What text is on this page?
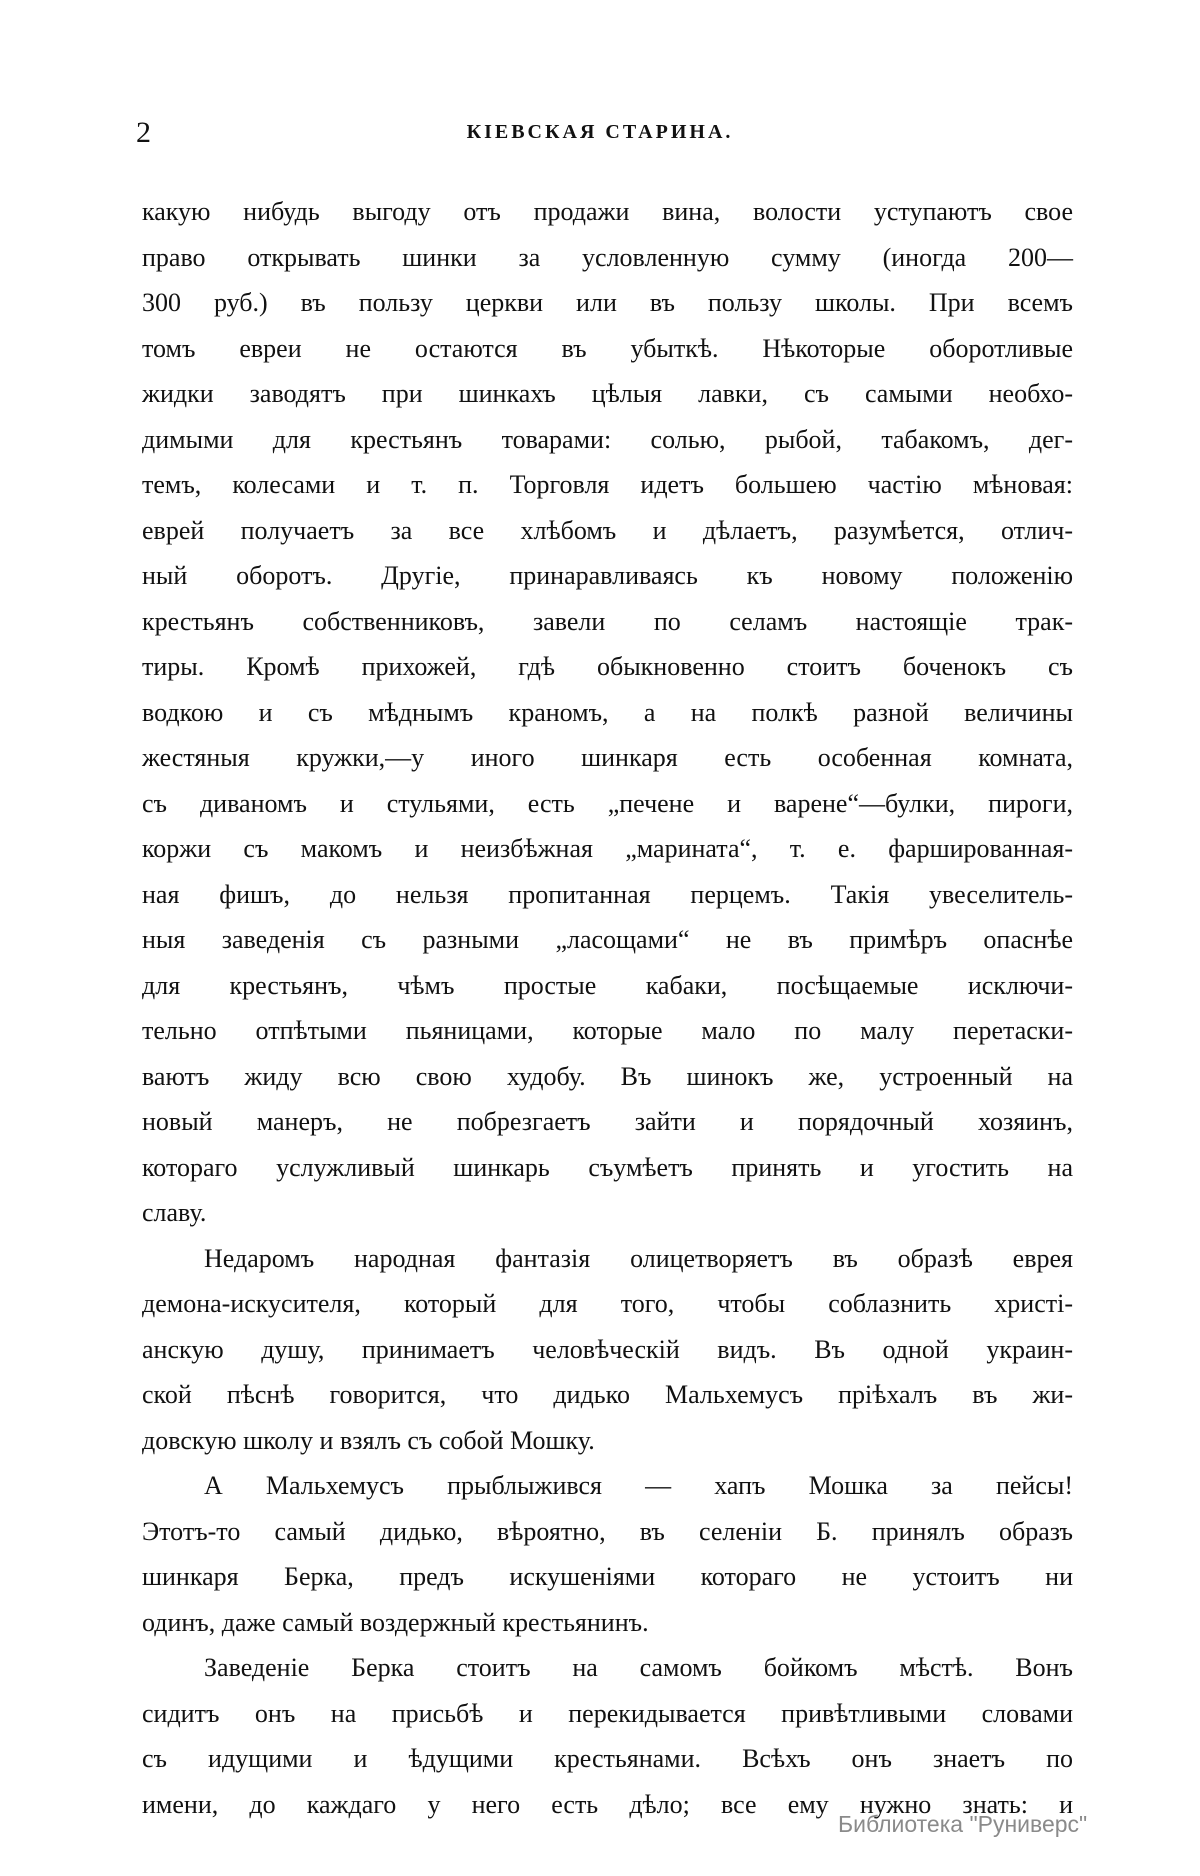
2	КІЕВСКАЯ СТАРИНА.
какую нибудь выгоду отъ продажи вина, волости уступаютъ свое
право открывать шинки за условленную сумму (иногда 200—
300 руб.) въ пользу церкви или въ пользу школы. При всемъ
томъ евреи не остаются въ убыткѣ. Нѣкоторые оборотливые
жидки заводятъ при шинкахъ цѣлыя лавки, съ самыми необхо-
димыми для крестьянъ товарами: солью, рыбой, табакомъ, дег-
темъ, колесами и т. п. Торговля идетъ большею частію мѣновая:
еврей получаетъ за все хлѣбомъ и дѣлаетъ, разумѣется, отлич-
ный оборотъ. Другіе, принаравливаясь къ новому положенію
крестьянъ собственниковъ, завели по селамъ настоящіе трак-
тиры. Кромѣ прихожей, гдѣ обыкновенно стоитъ боченокъ съ
водкою и съ мѣднымъ краномъ, а на полкѣ разной величины
жестяныя кружки,—у иного шинкаря есть особенная комната,
съ диваномъ и стульями, есть „печене и варене“—булки, пироги,
коржи съ макомъ и неизбѣжная „марината“, т. е. фаршированная-
ная фишъ, до нельзя пропитанная перцемъ. Такія увеселитель-
ныя заведенія съ разными „ласощами“ не въ примѣръ опаснѣе
для крестьянъ, чѣмъ простые кабаки, посѣщаемые исключи-
тельно отпѣтыми пьяницами, которые мало по малу перетаски-
ваютъ жиду всю свою худобу. Въ шинокъ же, устроенный на
новый манеръ, не побрезгаетъ зайти и порядочный хозяинъ,
котораго услужливый шинкарь съумѣетъ принять и угостить на
славу.
Недаромъ народная фантазія олицетворяетъ въ образѣ еврея
демона-искусителя, который для того, чтобы соблазнить христі-
анскую душу, принимаетъ человѣческій видъ. Въ одной украин-
ской пѣснѣ говорится, что дидько Мальхемусъ пріѣхалъ въ жи-
довскую школу и взялъ съ собой Мошку.
А Мальхемусъ прыблыжився — хапъ Мошка за пейсы!
Этотъ-то самый дидько, вѣроятно, въ селеніи Б. принялъ образъ
шинкаря Берка, предъ искушеніями котораго не устоитъ ни
одинъ, даже самый воздержный крестьянинъ.
Заведеніе Берка стоитъ на самомъ бойкомъ мѣстѣ. Вонъ
сидитъ онъ на присьбѣ и перекидывается привѣтливыми словами
съ идущими и ѣдущими крестьянами. Всѣхъ онъ знаетъ по
имени, до каждаго у него есть дѣло; все ему нужно знать: и
Библиотека "Руниверс"
